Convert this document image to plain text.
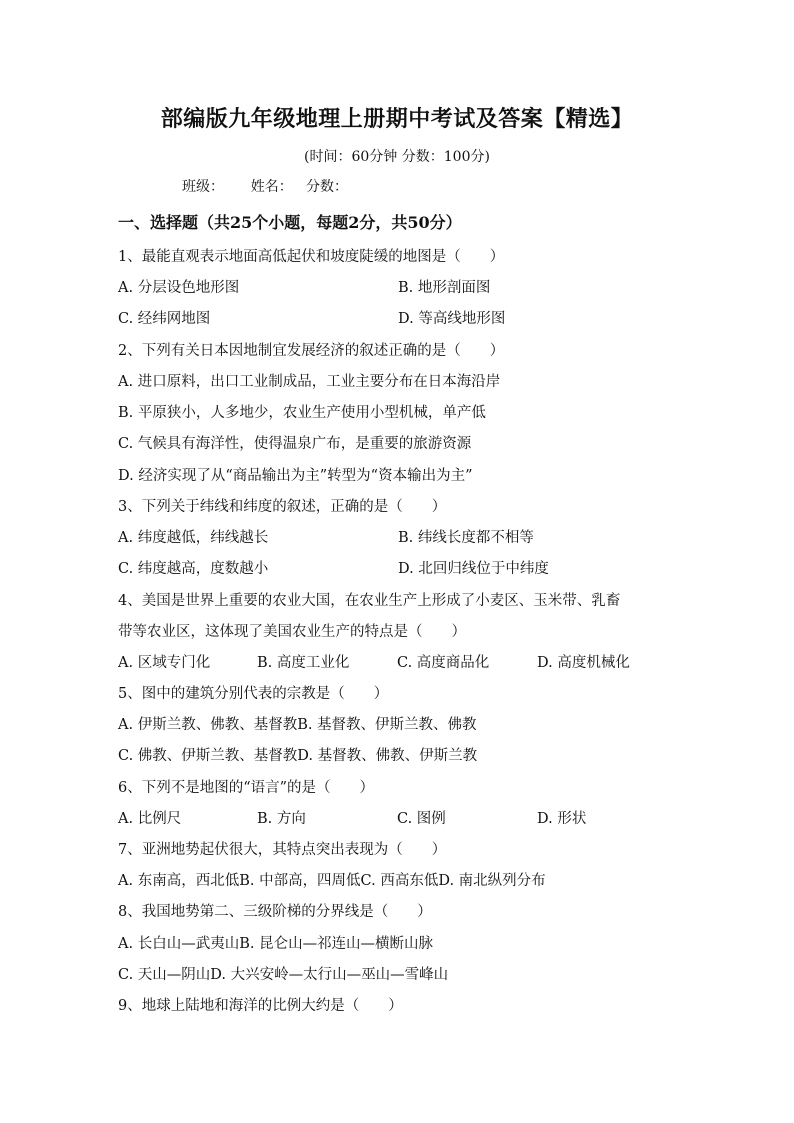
部编版九年级地理上册期中考试及答案【精选】
(时间：60分钟 分数：100分)
班级：      姓名：   分数：
一、选择题（共25个小题，每题2分，共50分）
1、最能直观表示地面高低起伏和坡度陡缓的地图是（　　）
A. 分层设色地形图	B. 地形剖面图
C. 经纬网地图	D. 等高线地形图
2、下列有关日本因地制宜发展经济的叙述正确的是（　　）
A. 进口原料，出口工业制成品，工业主要分布在日本海沿岸
B. 平原狭小，人多地少，农业生产使用小型机械，单产低
C. 气候具有海洋性，使得温泉广布，是重要的旅游资源
D. 经济实现了从“商品输出为主”转型为“资本输出为主”
3、下列关于纬线和纬度的叙述，正确的是（　　）
A. 纬度越低，纬线越长	B. 纬线长度都不相等
C. 纬度越高，度数越小	D. 北回归线位于中纬度
4、美国是世界上重要的农业大国，在农业生产上形成了小麦区、玉米带、乳畜
带等农业区，这体现了美国农业生产的特点是（　　）
A. 区域专门化	B. 高度工业化	C. 高度商品化	D. 高度机械化
5、图中的建筑分别代表的宗教是（　　）
A. 伊斯兰教、佛教、基督教B. 基督教、伊斯兰教、佛教
C. 佛教、伊斯兰教、基督教D. 基督教、佛教、伊斯兰教
6、下列不是地图的“语言”的是（　　）
A. 比例尺	B. 方向	C. 图例	D. 形状
7、亚洲地势起伏很大，其特点突出表现为（　　）
A. 东南高，西北低B. 中部高，四周低C. 西高东低D. 南北纵列分布
8、我国地势第二、三级阶梯的分界线是（　　）
A. 长白山—武夷山B. 昆仑山—祁连山—横断山脉
C. 天山—阴山D. 大兴安岭—太行山—巫山—雪峰山
9、地球上陆地和海洋的比例大约是（　　）
